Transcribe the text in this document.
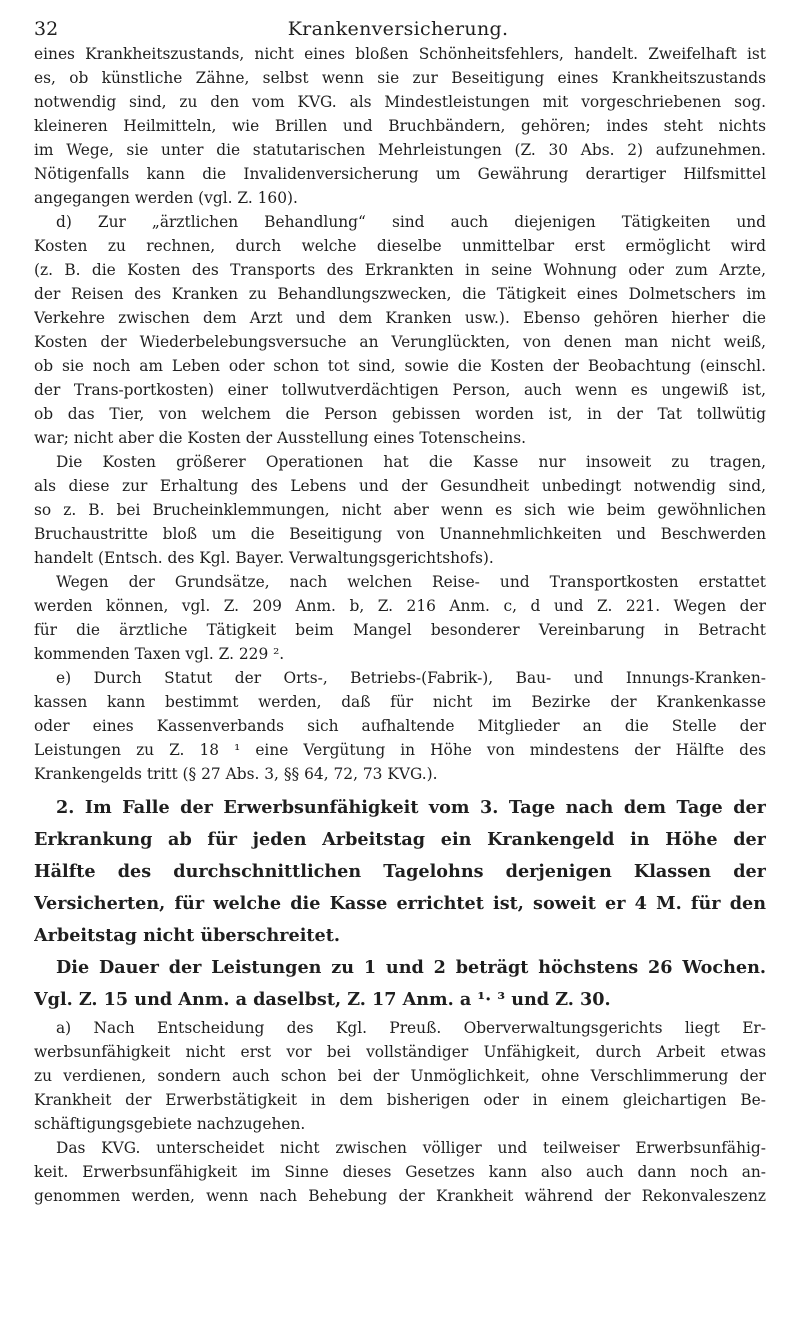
32	Krankenversicherung.
eines Krankheitszustands, nicht eines bloßen Schönheitsfehlers, handelt. Zweifelhaft ist
es, ob künstliche Zähne, selbst wenn sie zur Beseitigung eines Krankheitszustands
notwendig sind, zu den vom KVG. als Mindestleistungen mit vorgeschriebenen sog.
kleineren Heilmitteln, wie Brillen und Bruchbändern, gehören; indes steht nichts
im Wege, sie unter die statutarischen Mehrleistungen (Z. 30 Abs. 2) aufzunehmen.
Nötigenfalls kann die Invalidenversicherung um Gewährung derartiger Hilfsmittel
angegangen werden (vgl. Z. 160).
d) Zur „ärztlichen Behandlung“ sind auch diejenigen Tätigkeiten und
Kosten zu rechnen, durch welche dieselbe unmittelbar erst ermöglicht wird
(z. B. die Kosten des Transports des Erkrankten in seine Wohnung oder zum Arzte,
der Reisen des Kranken zu Behandlungszwecken, die Tätigkeit eines Dolmetschers im
Verkehre zwischen dem Arzt und dem Kranken usw.). Ebenso gehören hierher die
Kosten der Wiederbelebungsversuche an Verunglückten, von denen man nicht weiß,
ob sie noch am Leben oder schon tot sind, sowie die Kosten der Beobachtung (einschl.
der Trans-portkosten) einer tollwutverdächtigen Person, auch wenn es ungewiß ist,
ob das Tier, von welchem die Person gebissen worden ist, in der Tat tollwütig
war; nicht aber die Kosten der Ausstellung eines Totenscheins.
Die Kosten größerer Operationen hat die Kasse nur insoweit zu tragen,
als diese zur Erhaltung des Lebens und der Gesundheit unbedingt notwendig sind,
so z. B. bei Brucheinklemmungen, nicht aber wenn es sich wie beim gewöhnlichen
Bruchaustritte bloß um die Beseitigung von Unannehmlichkeiten und Beschwerden
handelt (Entsch. des Kgl. Bayer. Verwaltungsgerichtshofs).
Wegen der Grundsätze, nach welchen Reise- und Transportkosten erstattet
werden können, vgl. Z. 209 Anm. b, Z. 216 Anm. c, d und Z. 221. Wegen der
für die ärztliche Tätigkeit beim Mangel besonderer Vereinbarung in Betracht
kommenden Taxen vgl. Z. 229 ².
e) Durch Statut der Orts-, Betriebs-(Fabrik-), Bau- und Innungs-Kranken-
kassen kann bestimmt werden, daß für nicht im Bezirke der Krankenkasse
oder eines Kassenverbands sich aufhaltende Mitglieder an die Stelle der
Leistungen zu Z. 18 ¹ eine Vergütung in Höhe von mindestens der Hälfte des
Krankengelds tritt (§ 27 Abs. 3, §§ 64, 72, 73 KVG.).
2. Im Falle der Erwerbsunfähigkeit vom 3. Tage nach dem Tage der
Erkrankung ab für jeden Arbeitstag ein Krankengeld in Höhe der
Hälfte des durchschnittlichen Tagelohns derjenigen Klassen der
Versicherten, für welche die Kasse errichtet ist, soweit er 4 M. für den
Arbeitstag nicht überschreitet.
Die Dauer der Leistungen zu 1 und 2 beträgt höchstens 26 Wochen.
Vgl. Z. 15 und Anm. a daselbst, Z. 17 Anm. a ¹· ³ und Z. 30.
a) Nach Entscheidung des Kgl. Preuß. Oberverwaltungsgerichts liegt Er-
werbsunfähigkeit nicht erst vor bei vollständiger Unfähigkeit, durch Arbeit etwas
zu verdienen, sondern auch schon bei der Unmöglichkeit, ohne Verschlimmerung der
Krankheit der Erwerbstätigkeit in dem bisherigen oder in einem gleichartigen Be-
schäftigungsgebiete nachzugehen.
Das KVG. unterscheidet nicht zwischen völliger und teilweiser Erwerbsunfähig-
keit. Erwerbsunfähigkeit im Sinne dieses Gesetzes kann also auch dann noch an-
genommen werden, wenn nach Behebung der Krankheit während der Rekonvaleszenz
